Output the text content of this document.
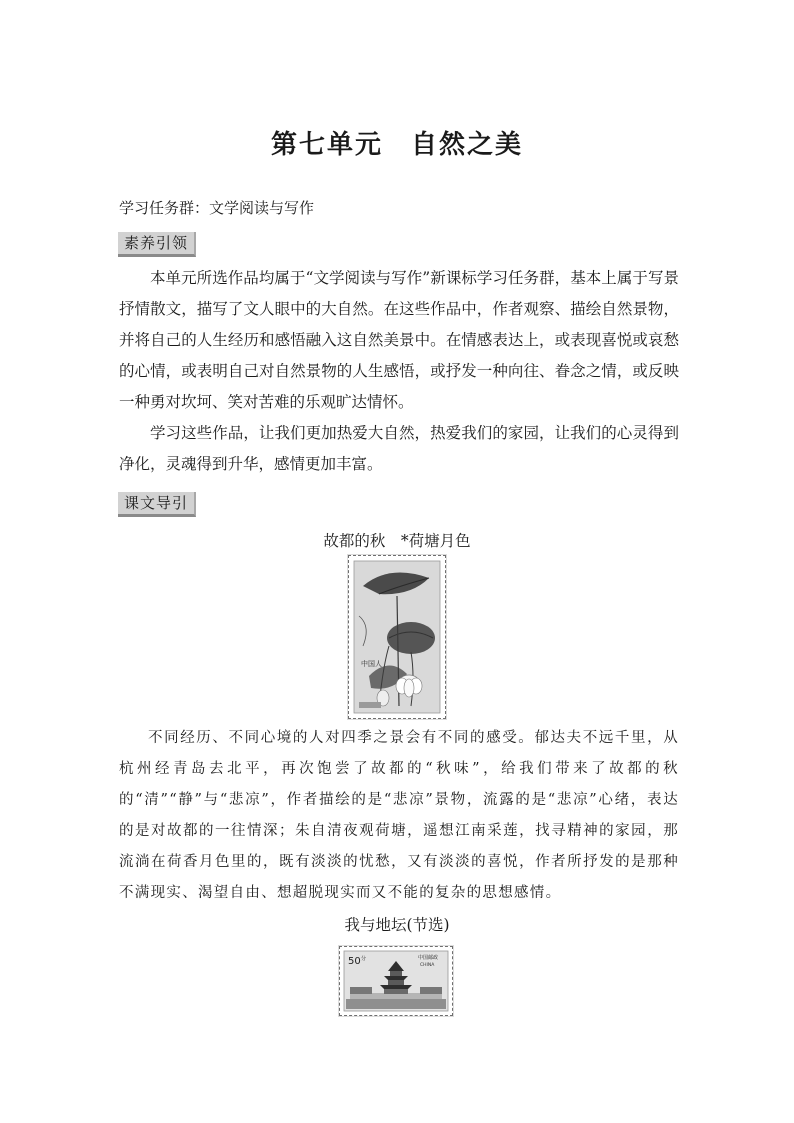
第七单元　自然之美
学习任务群：文学阅读与写作
素养引领
本单元所选作品均属于“文学阅读与写作”新课标学习任务群，基本上属于写景抒情散文，描写了文人眼中的大自然。在这些作品中，作者观察、描绘自然景物，并将自己的人生经历和感悟融入这自然美景中。在情感表达上，或表现喜悦或哀愁的心情，或表明自己对自然景物的人生感悟，或抒发一种向往、眷念之情，或反映一种勇对坎坷、笑对苦难的乐观旷达情怀。
学习这些作品，让我们更加热爱大自然，热爱我们的家园，让我们的心灵得到净化，灵魂得到升华，感情更加丰富。
课文导引
故都的秋　*荷塘月色
中国人
不同经历、不同心境的人对四季之景会有不同的感受。郁达夫不远千里，从杭州经青岛去北平，再次饱尝了故都的“秋味”，给我们带来了故都的秋的“清”“静”与“悲凉”，作者描绘的是“悲凉”景物，流露的是“悲凉”心绪，表达的是对故都的一往情深；朱自清夜观荷塘，遥想江南采莲，找寻精神的家园，那流淌在荷香月色里的，既有淡淡的忧愁，又有淡淡的喜悦，作者所抒发的是那种不满现实、渴望自由、想超脱现实而又不能的复杂的思想感情。
我与地坛(节选)
50 分	中国邮政
CHINA
